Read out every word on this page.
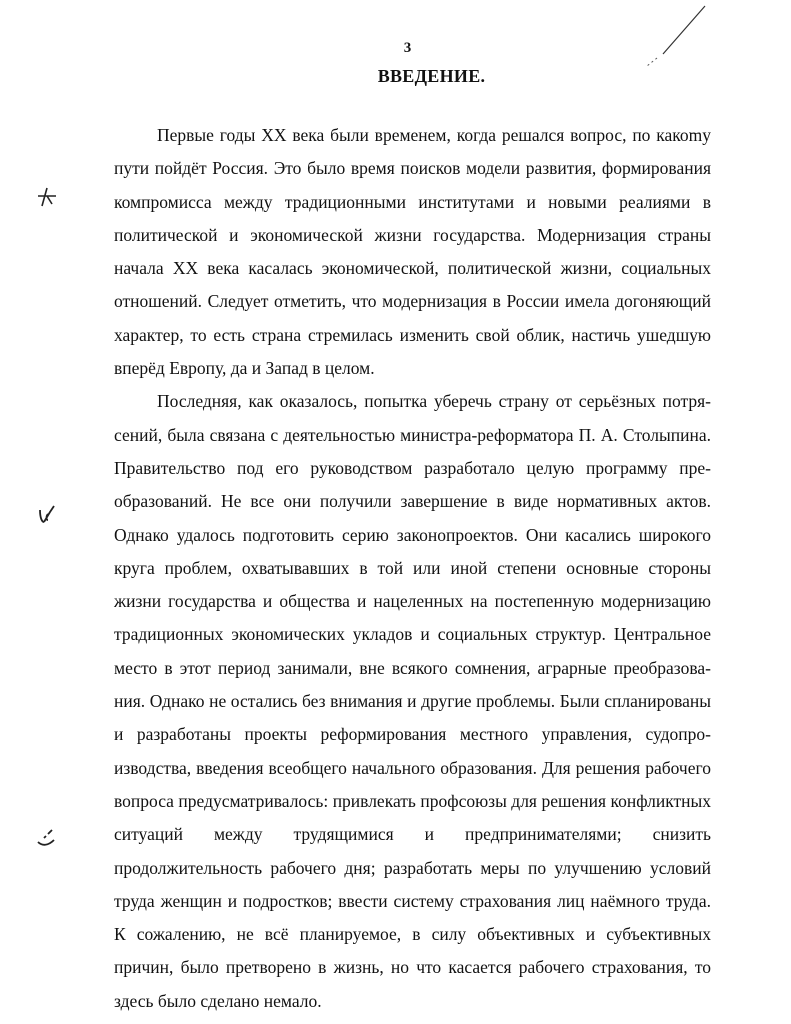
3
ВВЕДЕНИЕ.

Первые годы XX века были временем, когда решался вопрос, по какоmу пути пойдёт Россия. Это было время поисков модели развития, формирования компромисса между традиционными институтами и новыми реалиями в политической и экономической жизни государства. Модернизация страны начала XX века касалась экономической, политической жизни, социальных отношений. Следует отметить, что модернизация в России имела догоняющий характер, то есть страна стремилась изменить свой облик, настичь ушедшую вперёд Европу, да и Запад в целом.

Последняя, как оказалось, попытка уберечь страну от серьёзных потрясений, была связана с деятельностью министра-реформатора П. А. Столыпина. Правительство под его руководством разработало целую программу преобразований. Не все они получили завершение в виде нормативных актов. Однако удалось подготовить серию законопроектов. Они касались широкого круга проблем, охватывавших в той или иной степени основные стороны жизни государства и общества и нацеленных на постепенную модернизацию традиционных экономических укладов и социальных структур. Центральное место в этот период занимали, вне всякого сомнения, аграрные преобразования. Однако не остались без внимания и другие проблемы. Были спланированы и разработаны проекты реформирования местного управления, судопроизводства, введения всеобщего начального образования. Для решения рабочего вопроса предусматривалось: привлекать профсоюзы для решения конфликтных ситуаций между трудящимися и предпринимателями; снизить продолжительность рабочего дня; разработать меры по улучшению условий труда женщин и подростков; ввести систему страхования лиц наёмного труда. К сожалению, не всё планируемое, в силу объективных и субъективных причин, было претворено в жизнь, но что касается рабочего страхования, то здесь было сделано немало.
